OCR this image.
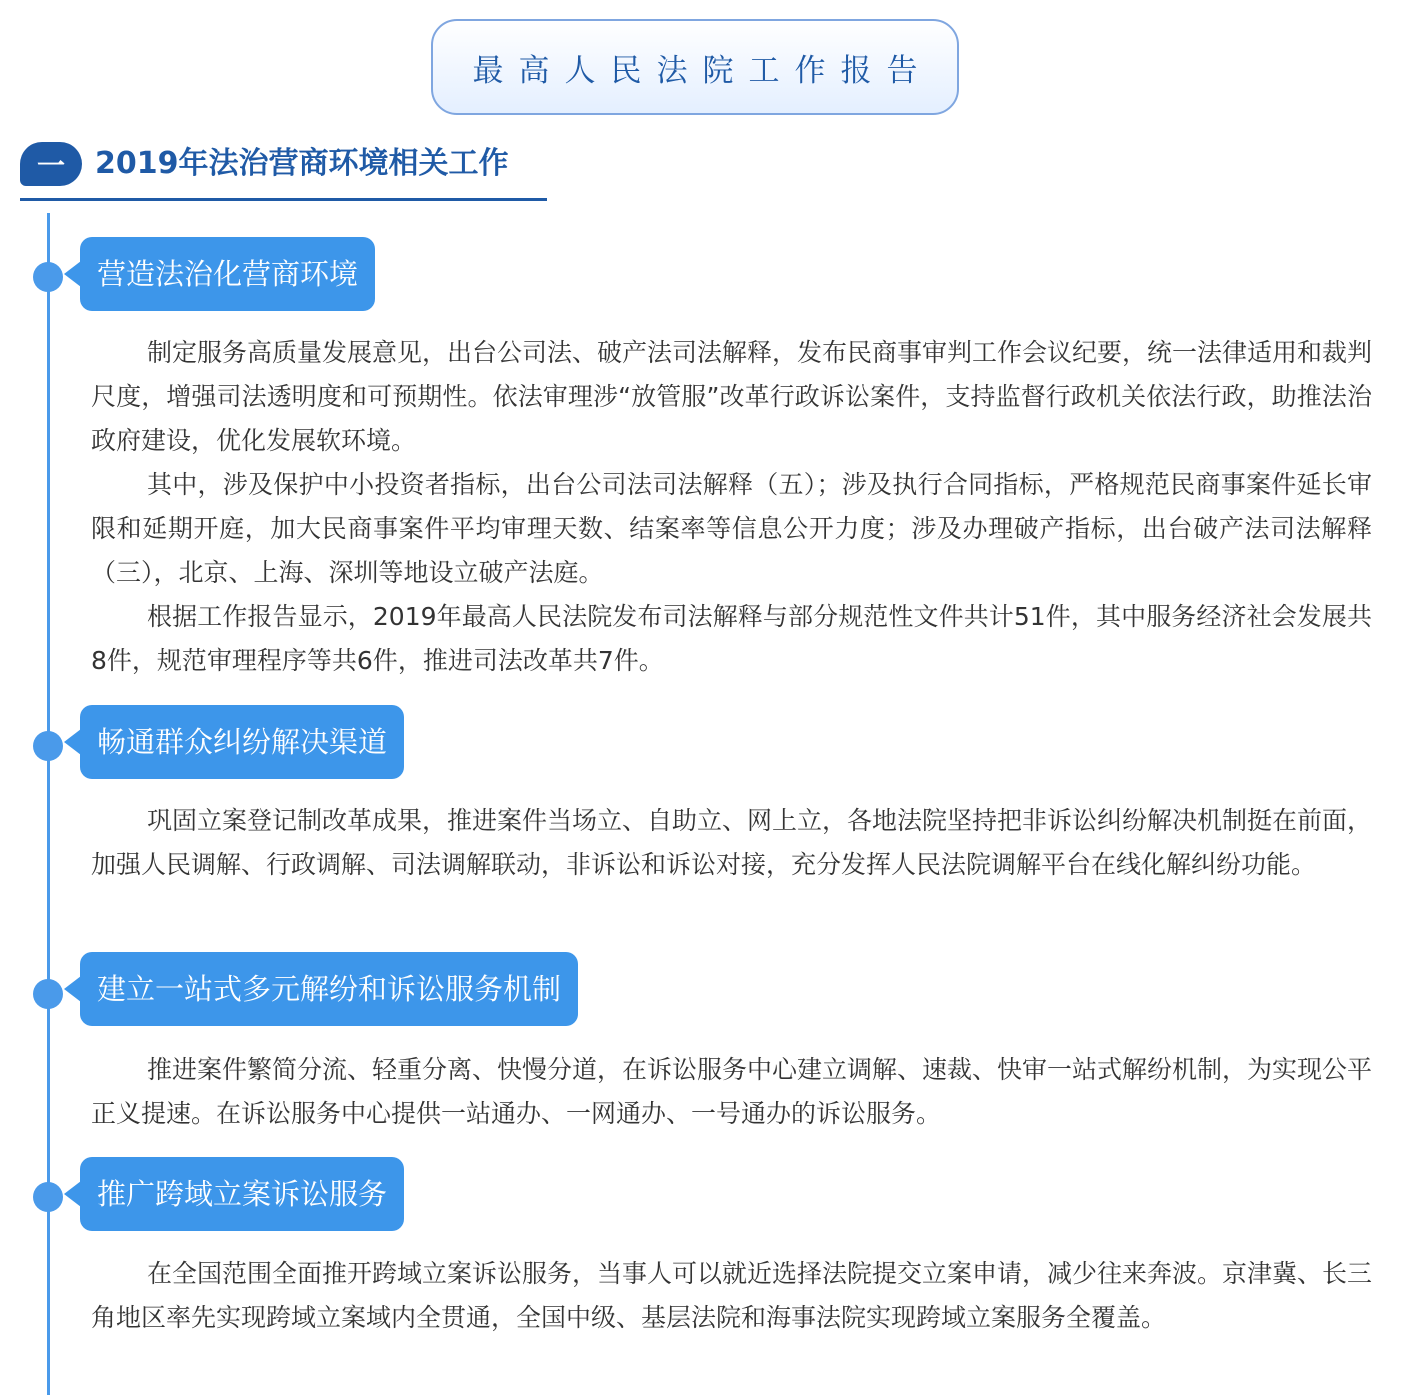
最高人民法院工作报告
一	2019年法治营商环境相关工作
营造法治化营商环境

制定服务高质量发展意见，出台公司法、破产法司法解释，发布民商事审判工作会议纪要，统一法律适用和裁判尺度，增强司法透明度和可预期性。依法审理涉“放管服”改革行政诉讼案件，支持监督行政机关依法行政，助推法治政府建设，优化发展软环境。

其中，涉及保护中小投资者指标，出台公司法司法解释（五）；涉及执行合同指标，严格规范民商事案件延长审限和延期开庭，加大民商事案件平均审理天数、结案率等信息公开力度；涉及办理破产指标，出台破产法司法解释（三），北京、上海、深圳等地设立破产法庭。

根据工作报告显示，2019年最高人民法院发布司法解释与部分规范性文件共计51件，其中服务经济社会发展共8件，规范审理程序等共6件，推进司法改革共7件。

畅通群众纠纷解决渠道

巩固立案登记制改革成果，推进案件当场立、自助立、网上立，各地法院坚持把非诉讼纠纷解决机制挺在前面，加强人民调解、行政调解、司法调解联动，非诉讼和诉讼对接，充分发挥人民法院调解平台在线化解纠纷功能。

建立一站式多元解纷和诉讼服务机制

推进案件繁简分流、轻重分离、快慢分道，在诉讼服务中心建立调解、速裁、快审一站式解纷机制，为实现公平正义提速。在诉讼服务中心提供一站通办、一网通办、一号通办的诉讼服务。

推广跨域立案诉讼服务

在全国范围全面推开跨域立案诉讼服务，当事人可以就近选择法院提交立案申请，减少往来奔波。京津冀、长三角地区率先实现跨域立案域内全贯通，全国中级、基层法院和海事法院实现跨域立案服务全覆盖。
